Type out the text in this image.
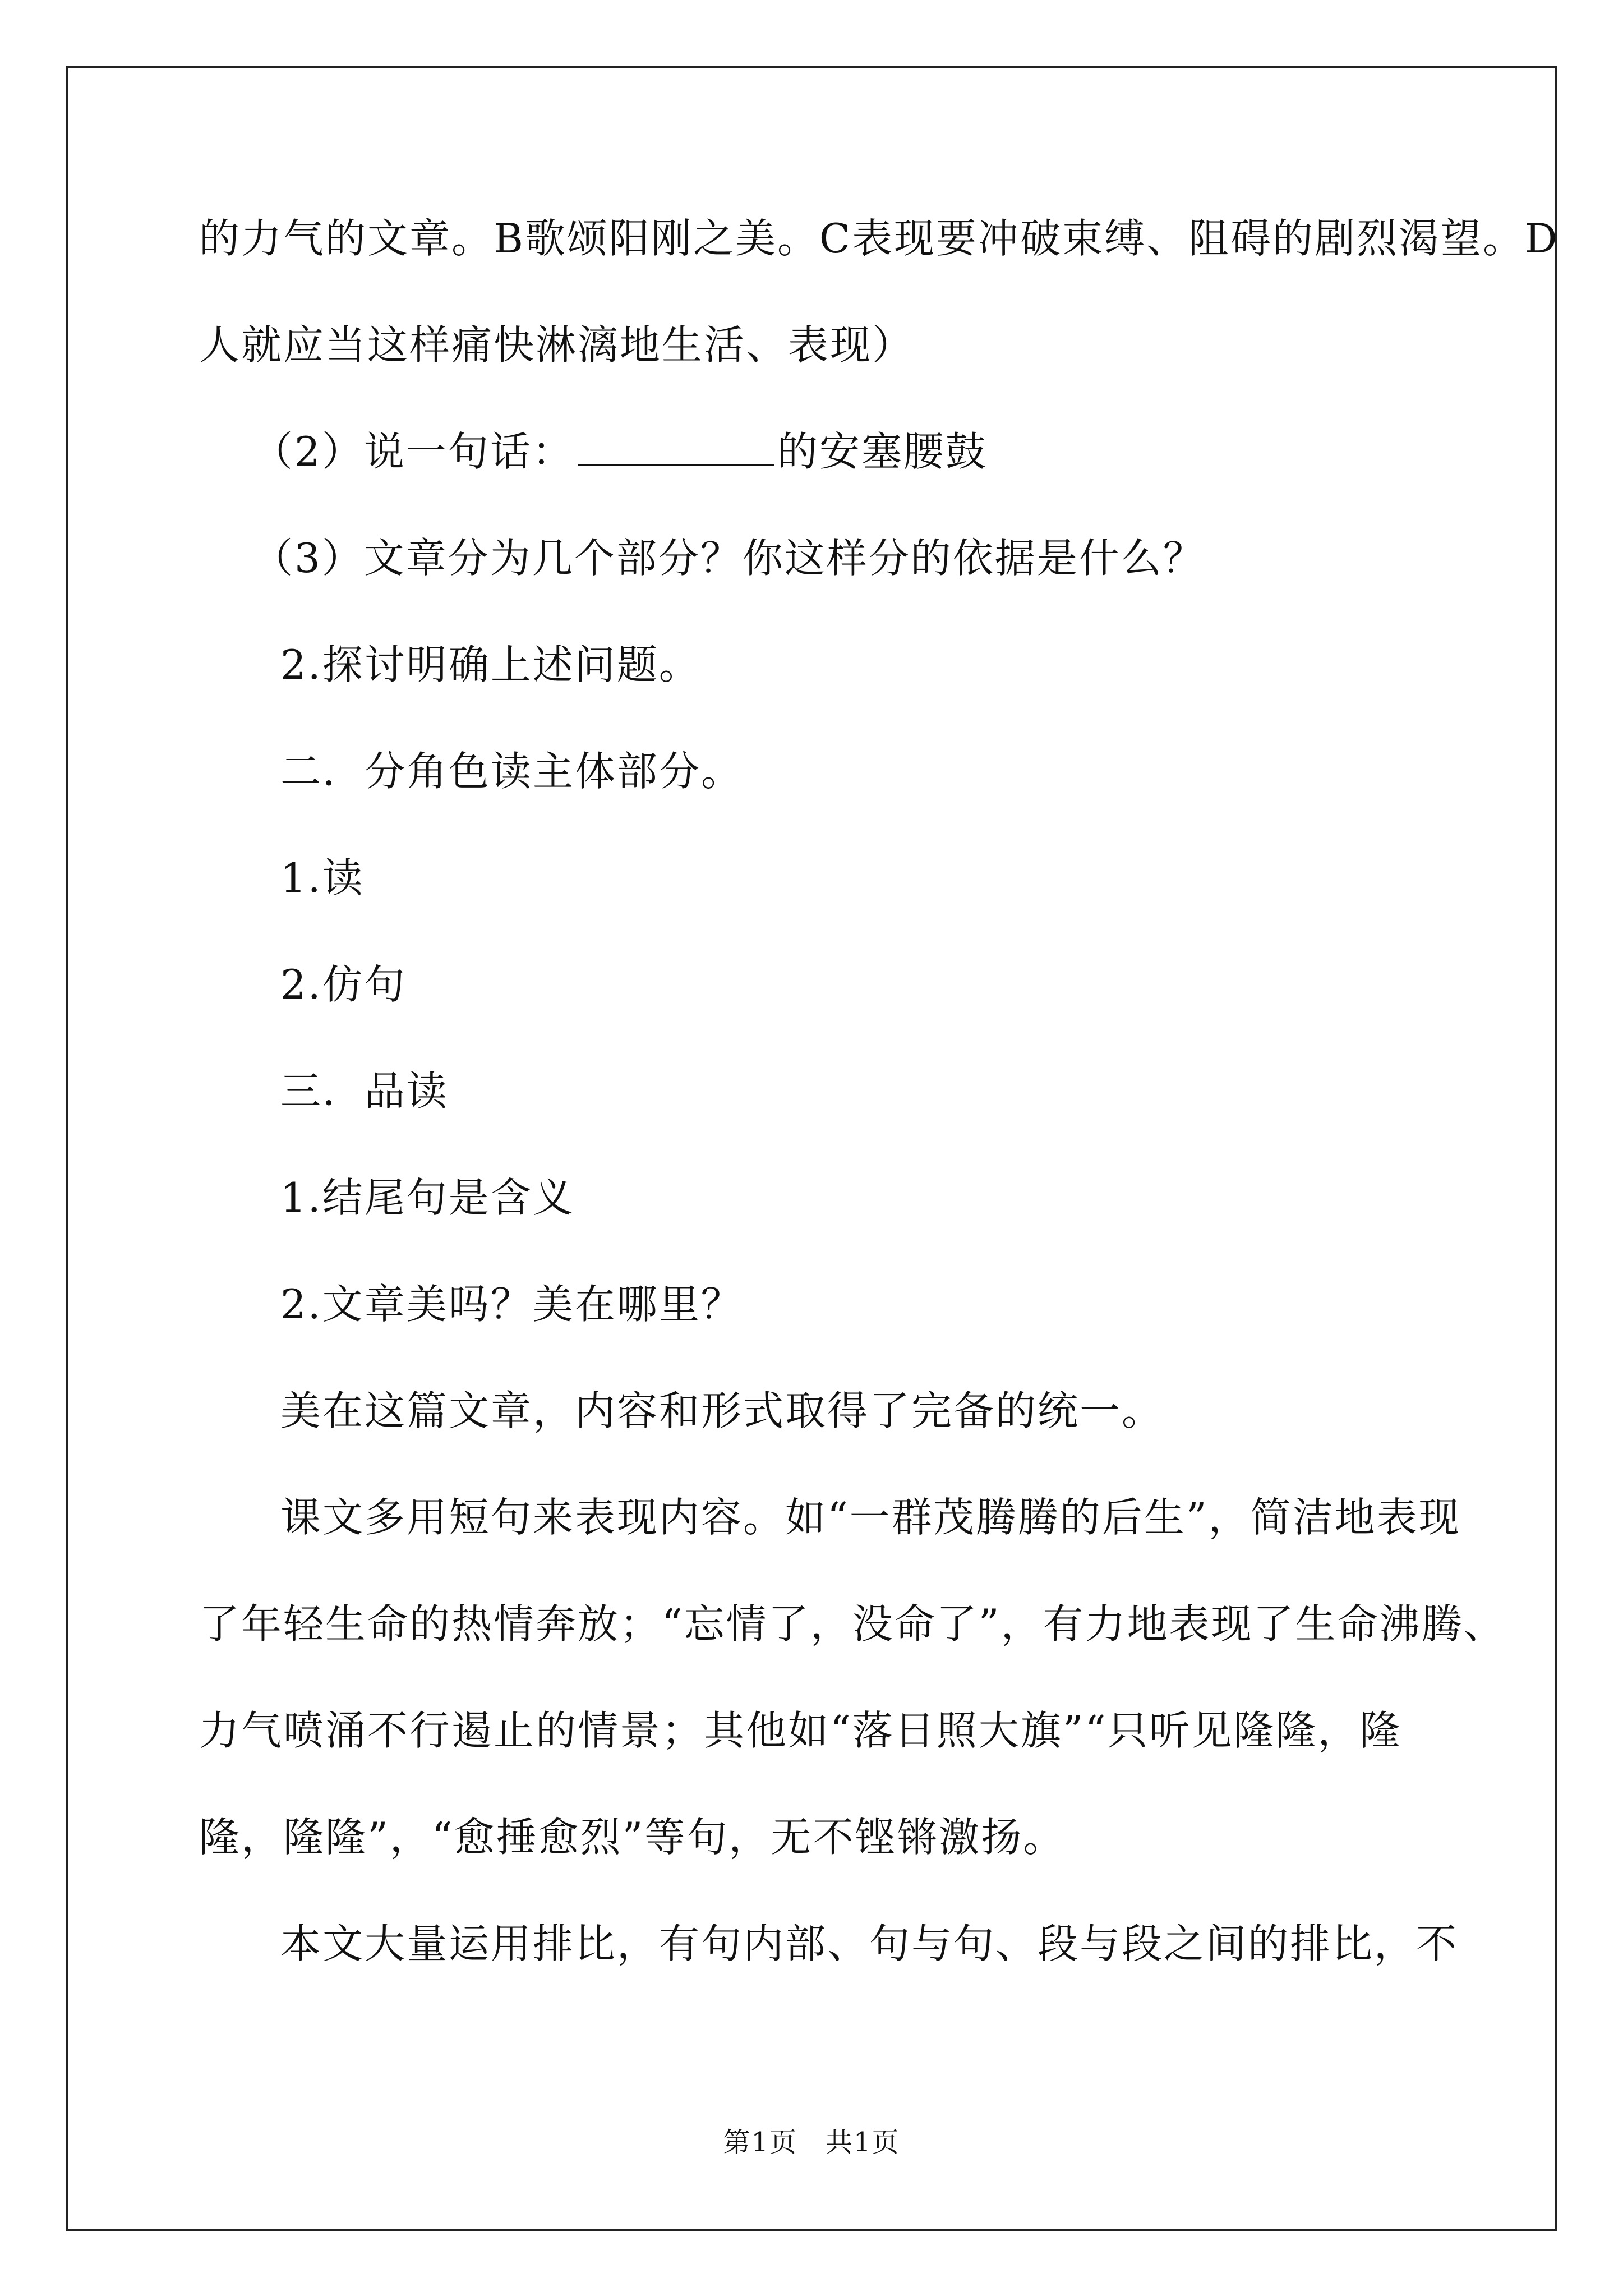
的力气的文章。B歌颂阳刚之美。C表现要冲破束缚、阻碍的剧烈渴望。D
人就应当这样痛快淋漓地生活、表现）
（2）说一句话：	的安塞腰鼓
（3）文章分为几个部分？你这样分的依据是什么？
2.探讨明确上述问题。
二．分角色读主体部分。
1.读
2.仿句
三．品读
1.结尾句是含义
2.文章美吗？美在哪里？
美在这篇文章，内容和形式取得了完备的统一。
课文多用短句来表现内容。如“一群茂腾腾的后生”，简洁地表现
了年轻生命的热情奔放；“忘情了，没命了”，有力地表现了生命沸腾、
力气喷涌不行遏止的情景；其他如“落日照大旗”“只听见隆隆，隆
隆，隆隆”，“愈捶愈烈”等句，无不铿锵激扬。
本文大量运用排比，有句内部、句与句、段与段之间的排比，不
第1页　共1页
